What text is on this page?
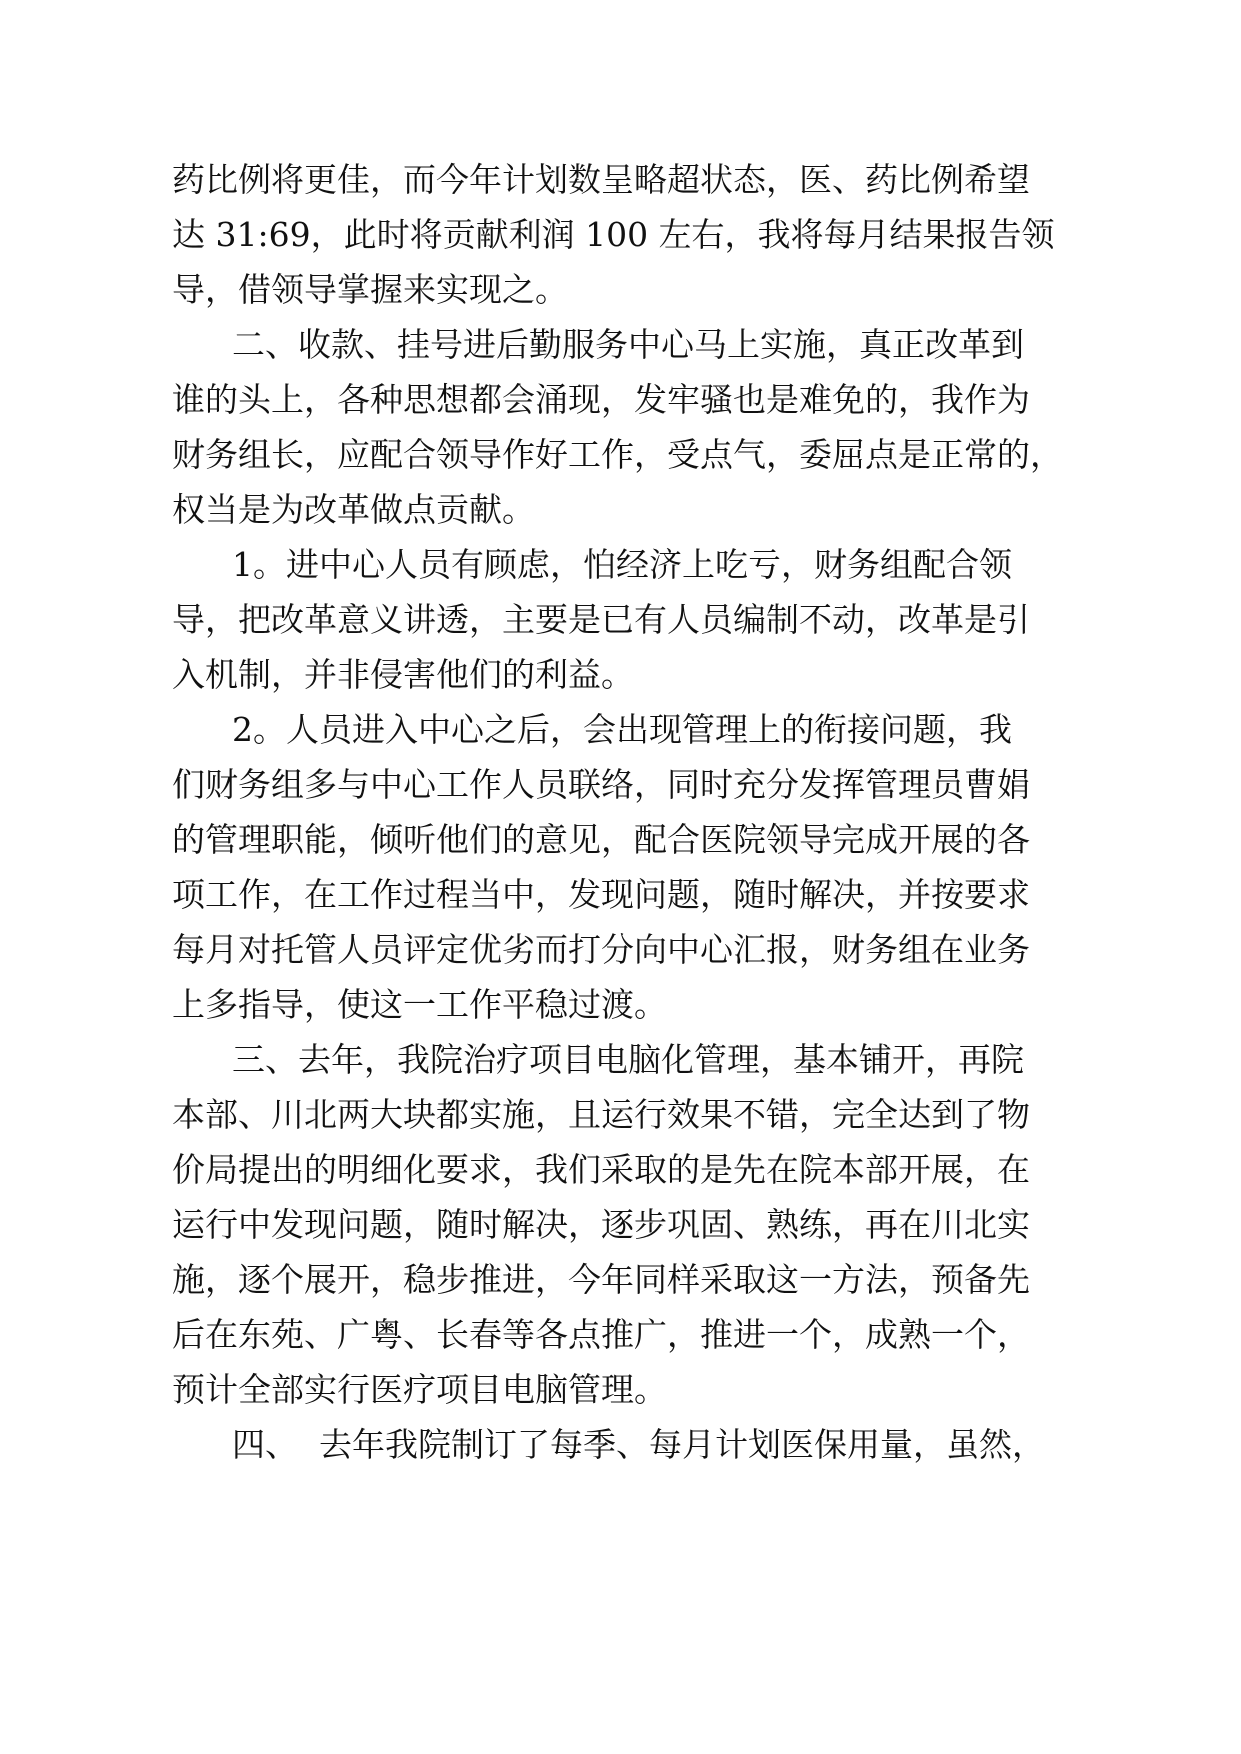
药比例将更佳，而今年计划数呈略超状态，医、药比例希望
达 31:69，此时将贡献利润 100 左右，我将每月结果报告领
导，借领导掌握来实现之。
二、收款、挂号进后勤服务中心马上实施，真正改革到
谁的头上，各种思想都会涌现，发牢骚也是难免的，我作为
财务组长，应配合领导作好工作，受点气，委屈点是正常的，
权当是为改革做点贡献。
1。进中心人员有顾虑，怕经济上吃亏，财务组配合领
导，把改革意义讲透，主要是已有人员编制不动，改革是引
入机制，并非侵害他们的利益。
2。人员进入中心之后，会出现管理上的衔接问题，我
们财务组多与中心工作人员联络，同时充分发挥管理员曹娟
的管理职能，倾听他们的意见，配合医院领导完成开展的各
项工作，在工作过程当中，发现问题，随时解决，并按要求
每月对托管人员评定优劣而打分向中心汇报，财务组在业务
上多指导，使这一工作平稳过渡。
三、去年，我院治疗项目电脑化管理，基本铺开，再院
本部、川北两大块都实施，且运行效果不错，完全达到了物
价局提出的明细化要求，我们采取的是先在院本部开展，在
运行中发现问题，随时解决，逐步巩固、熟练，再在川北实
施，逐个展开，稳步推进，今年同样采取这一方法，预备先
后在东苑、广粤、长春等各点推广，推进一个，成熟一个，
预计全部实行医疗项目电脑管理。
四、  去年我院制订了每季、每月计划医保用量，虽然，
